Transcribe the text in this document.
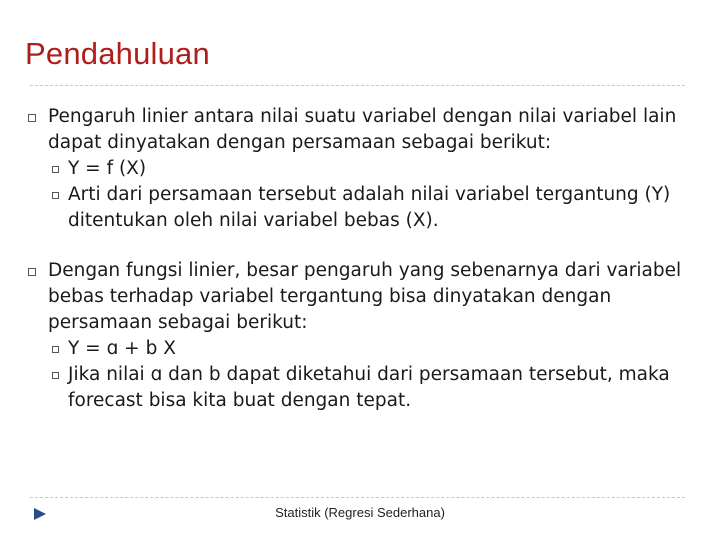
Pendahuluan
Pengaruh linier antara nilai suatu variabel dengan nilai variabel lain dapat dinyatakan dengan persamaan sebagai berikut:
Y = f (X)
Arti dari persamaan tersebut adalah nilai variabel tergantung (Y) ditentukan oleh nilai variabel bebas (X).
Dengan fungsi linier, besar pengaruh yang sebenarnya dari variabel bebas terhadap variabel tergantung bisa dinyatakan dengan persamaan sebagai berikut:
Y = ɑ + b X
Jika nilai ɑ dan b dapat diketahui dari persamaan tersebut, maka forecast bisa kita buat dengan tepat.
Statistik (Regresi Sederhana)
